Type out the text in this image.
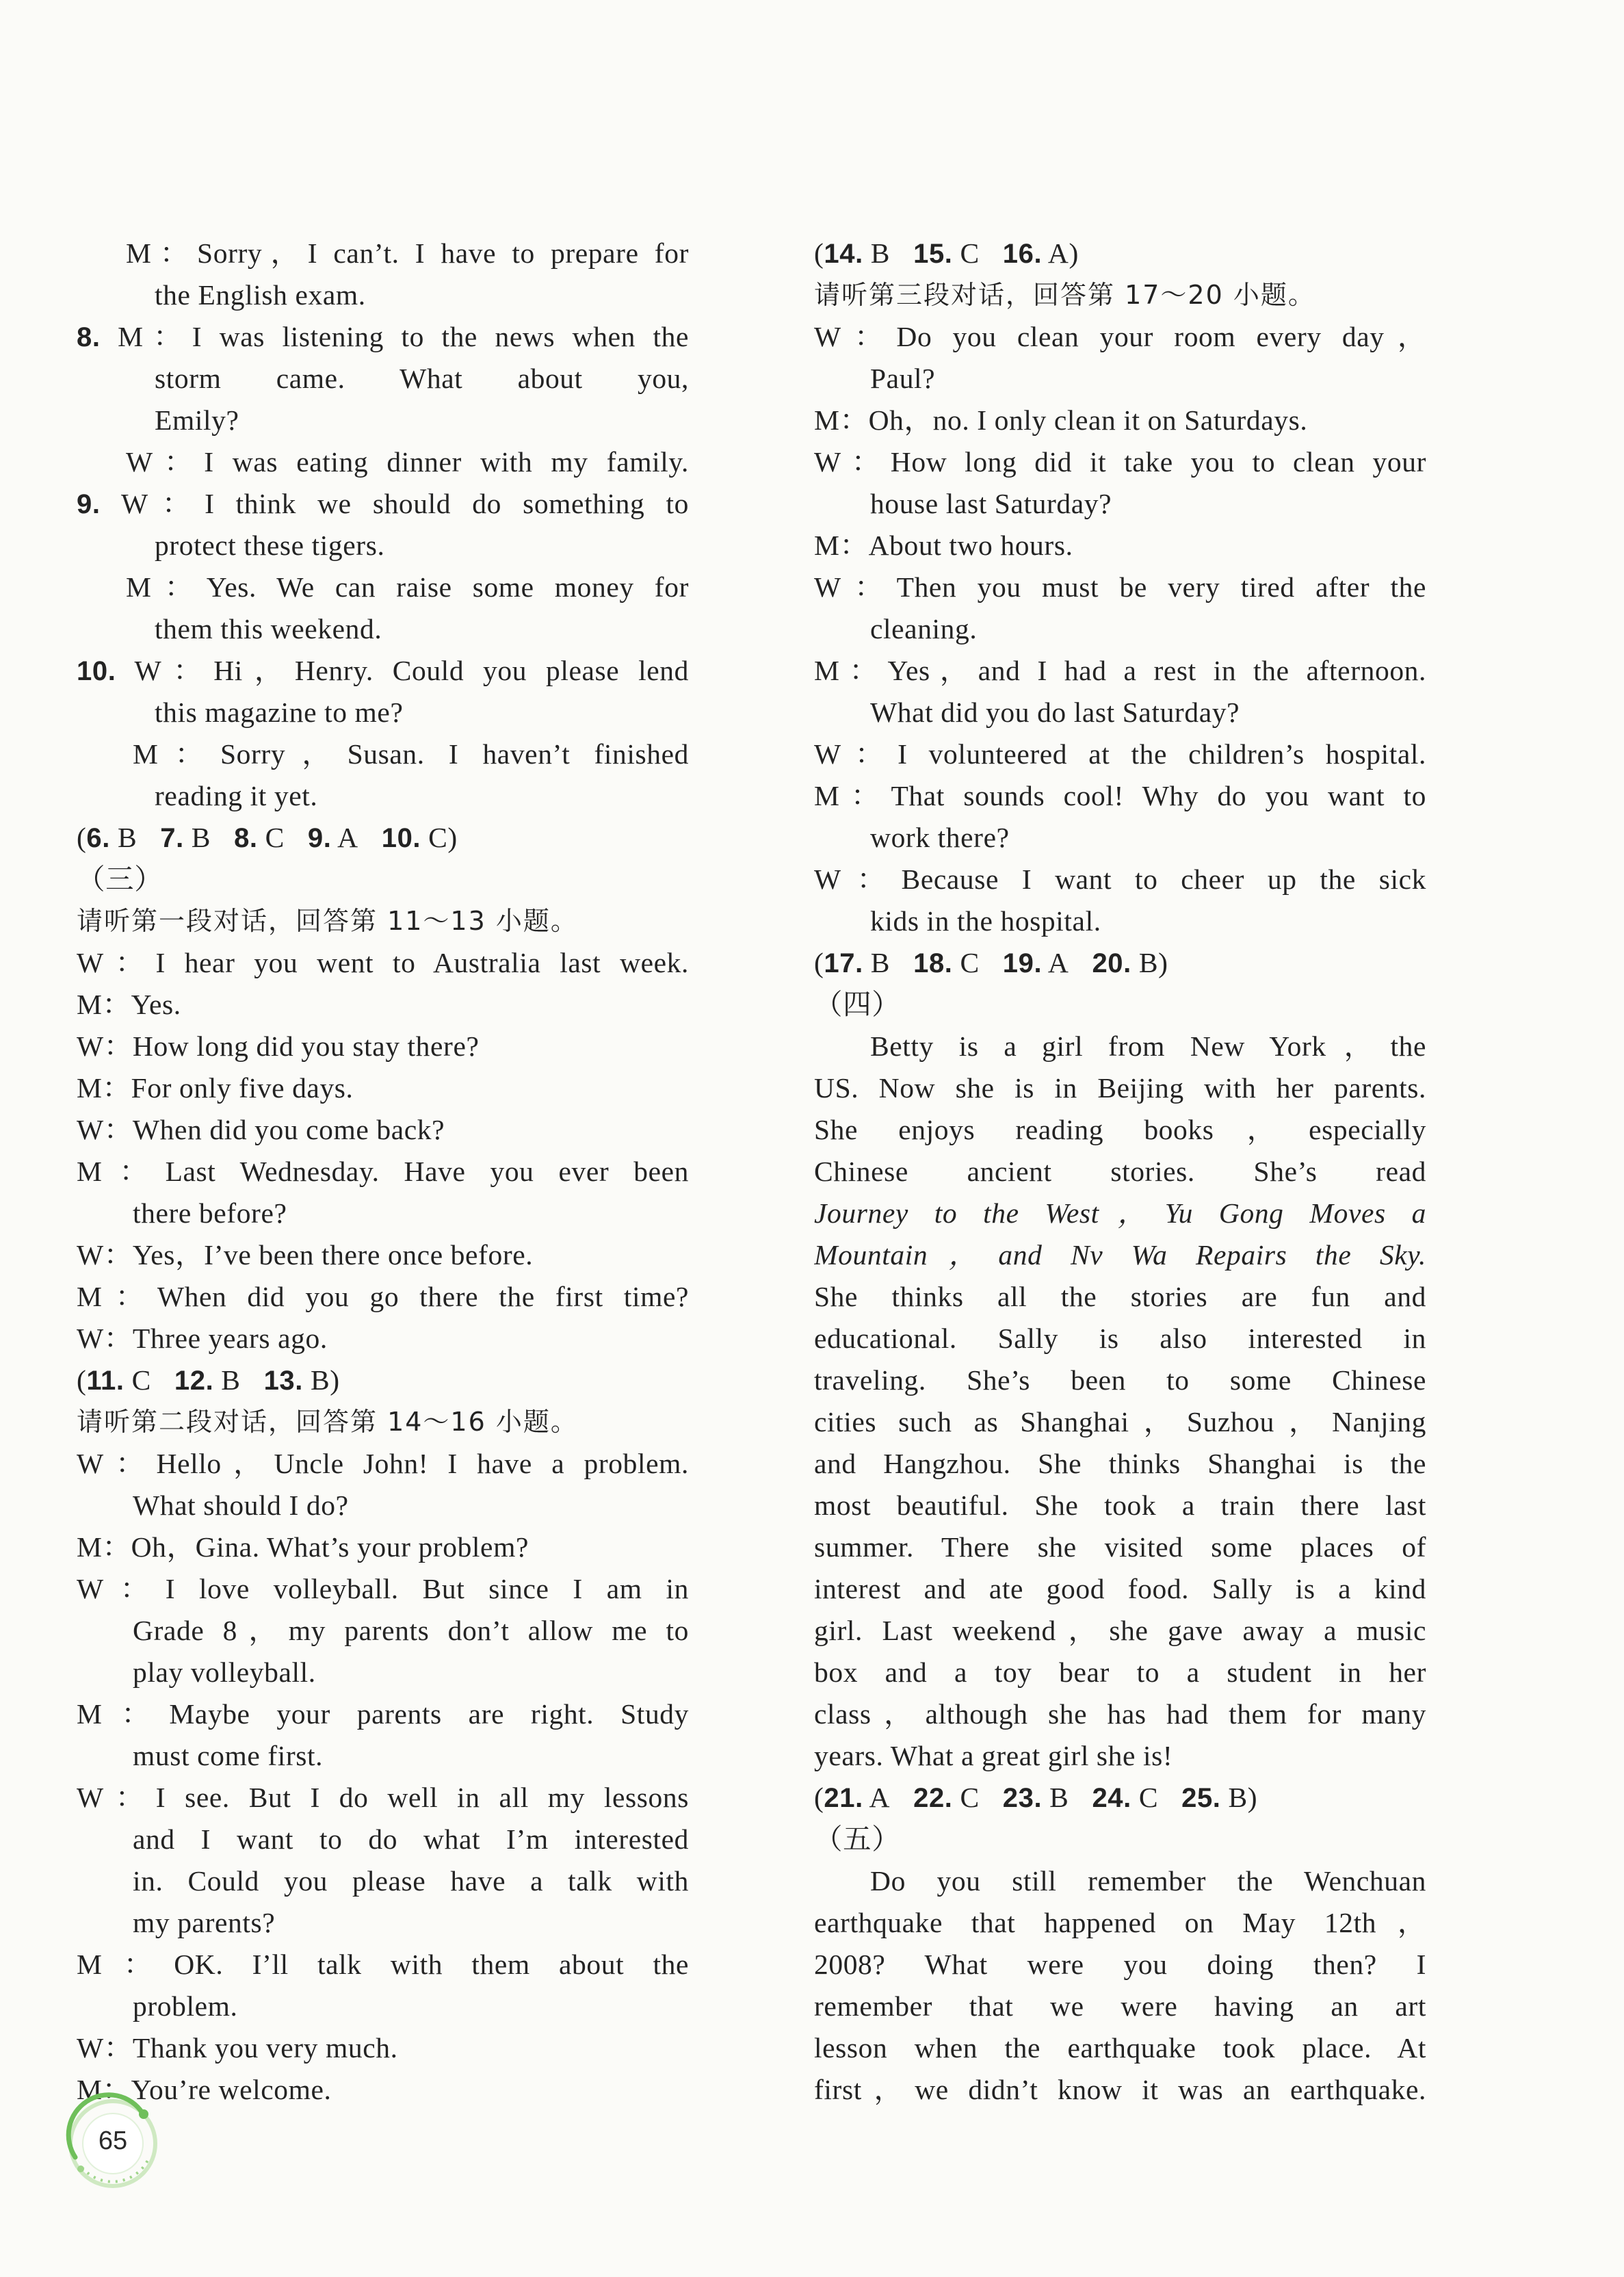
M：Sorry，I can’t. I have to prepare for
the English exam.
8. M：I was listening to the news when the
storm came. What about you,
Emily?
W：I was eating dinner with my family.
9. W：I think we should do something to
protect these tigers.
M：Yes. We can raise some money for
them this weekend.
10. W：Hi，Henry. Could you please lend
this magazine to me?
M：Sorry，Susan. I haven’t finished
reading it yet.
(6. B 7. B 8. C 9. A 10. C)
（三）
请听第一段对话，回答第 11～13 小题。
W：I hear you went to Australia last week.
M：Yes.
W：How long did you stay there?
M：For only five days.
W：When did you come back?
M：Last Wednesday. Have you ever been
there before?
W：Yes，I’ve been there once before.
M：When did you go there the first time?
W：Three years ago.
(11. C 12. B 13. B)
请听第二段对话，回答第 14～16 小题。
W：Hello，Uncle John! I have a problem.
What should I do?
M：Oh，Gina. What’s your problem?
W：I love volleyball. But since I am in
Grade 8，my parents don’t allow me to
play volleyball.
M：Maybe your parents are right. Study
must come first.
W：I see. But I do well in all my lessons
and I want to do what I’m interested
in. Could you please have a talk with
my parents?
M：OK. I’ll talk with them about the
problem.
W：Thank you very much.
M：You’re welcome.
(14. B 15. C 16. A)
请听第三段对话，回答第 17～20 小题。
W：Do you clean your room every day，
Paul?
M：Oh，no. I only clean it on Saturdays.
W：How long did it take you to clean your
house last Saturday?
M：About two hours.
W：Then you must be very tired after the
cleaning.
M：Yes，and I had a rest in the afternoon.
What did you do last Saturday?
W：I volunteered at the children’s hospital.
M：That sounds cool! Why do you want to
work there?
W：Because I want to cheer up the sick
kids in the hospital.
(17. B 18. C 19. A 20. B)
（四）
Betty is a girl from New York，the
US. Now she is in Beijing with her parents.
She enjoys reading books，especially
Chinese ancient stories. She’s read
Journey to the West，Yu Gong Moves a
Mountain，and Nv Wa Repairs the Sky.
She thinks all the stories are fun and
educational. Sally is also interested in
traveling. She’s been to some Chinese
cities such as Shanghai，Suzhou，Nanjing
and Hangzhou. She thinks Shanghai is the
most beautiful. She took a train there last
summer. There she visited some places of
interest and ate good food. Sally is a kind
girl. Last weekend，she gave away a music
box and a toy bear to a student in her
class，although she has had them for many
years. What a great girl she is!
(21. A 22. C 23. B 24. C 25. B)
（五）
Do you still remember the Wenchuan
earthquake that happened on May 12th，
2008? What were you doing then? I
remember that we were having an art
lesson when the earthquake took place. At
first，we didn’t know it was an earthquake.
65
